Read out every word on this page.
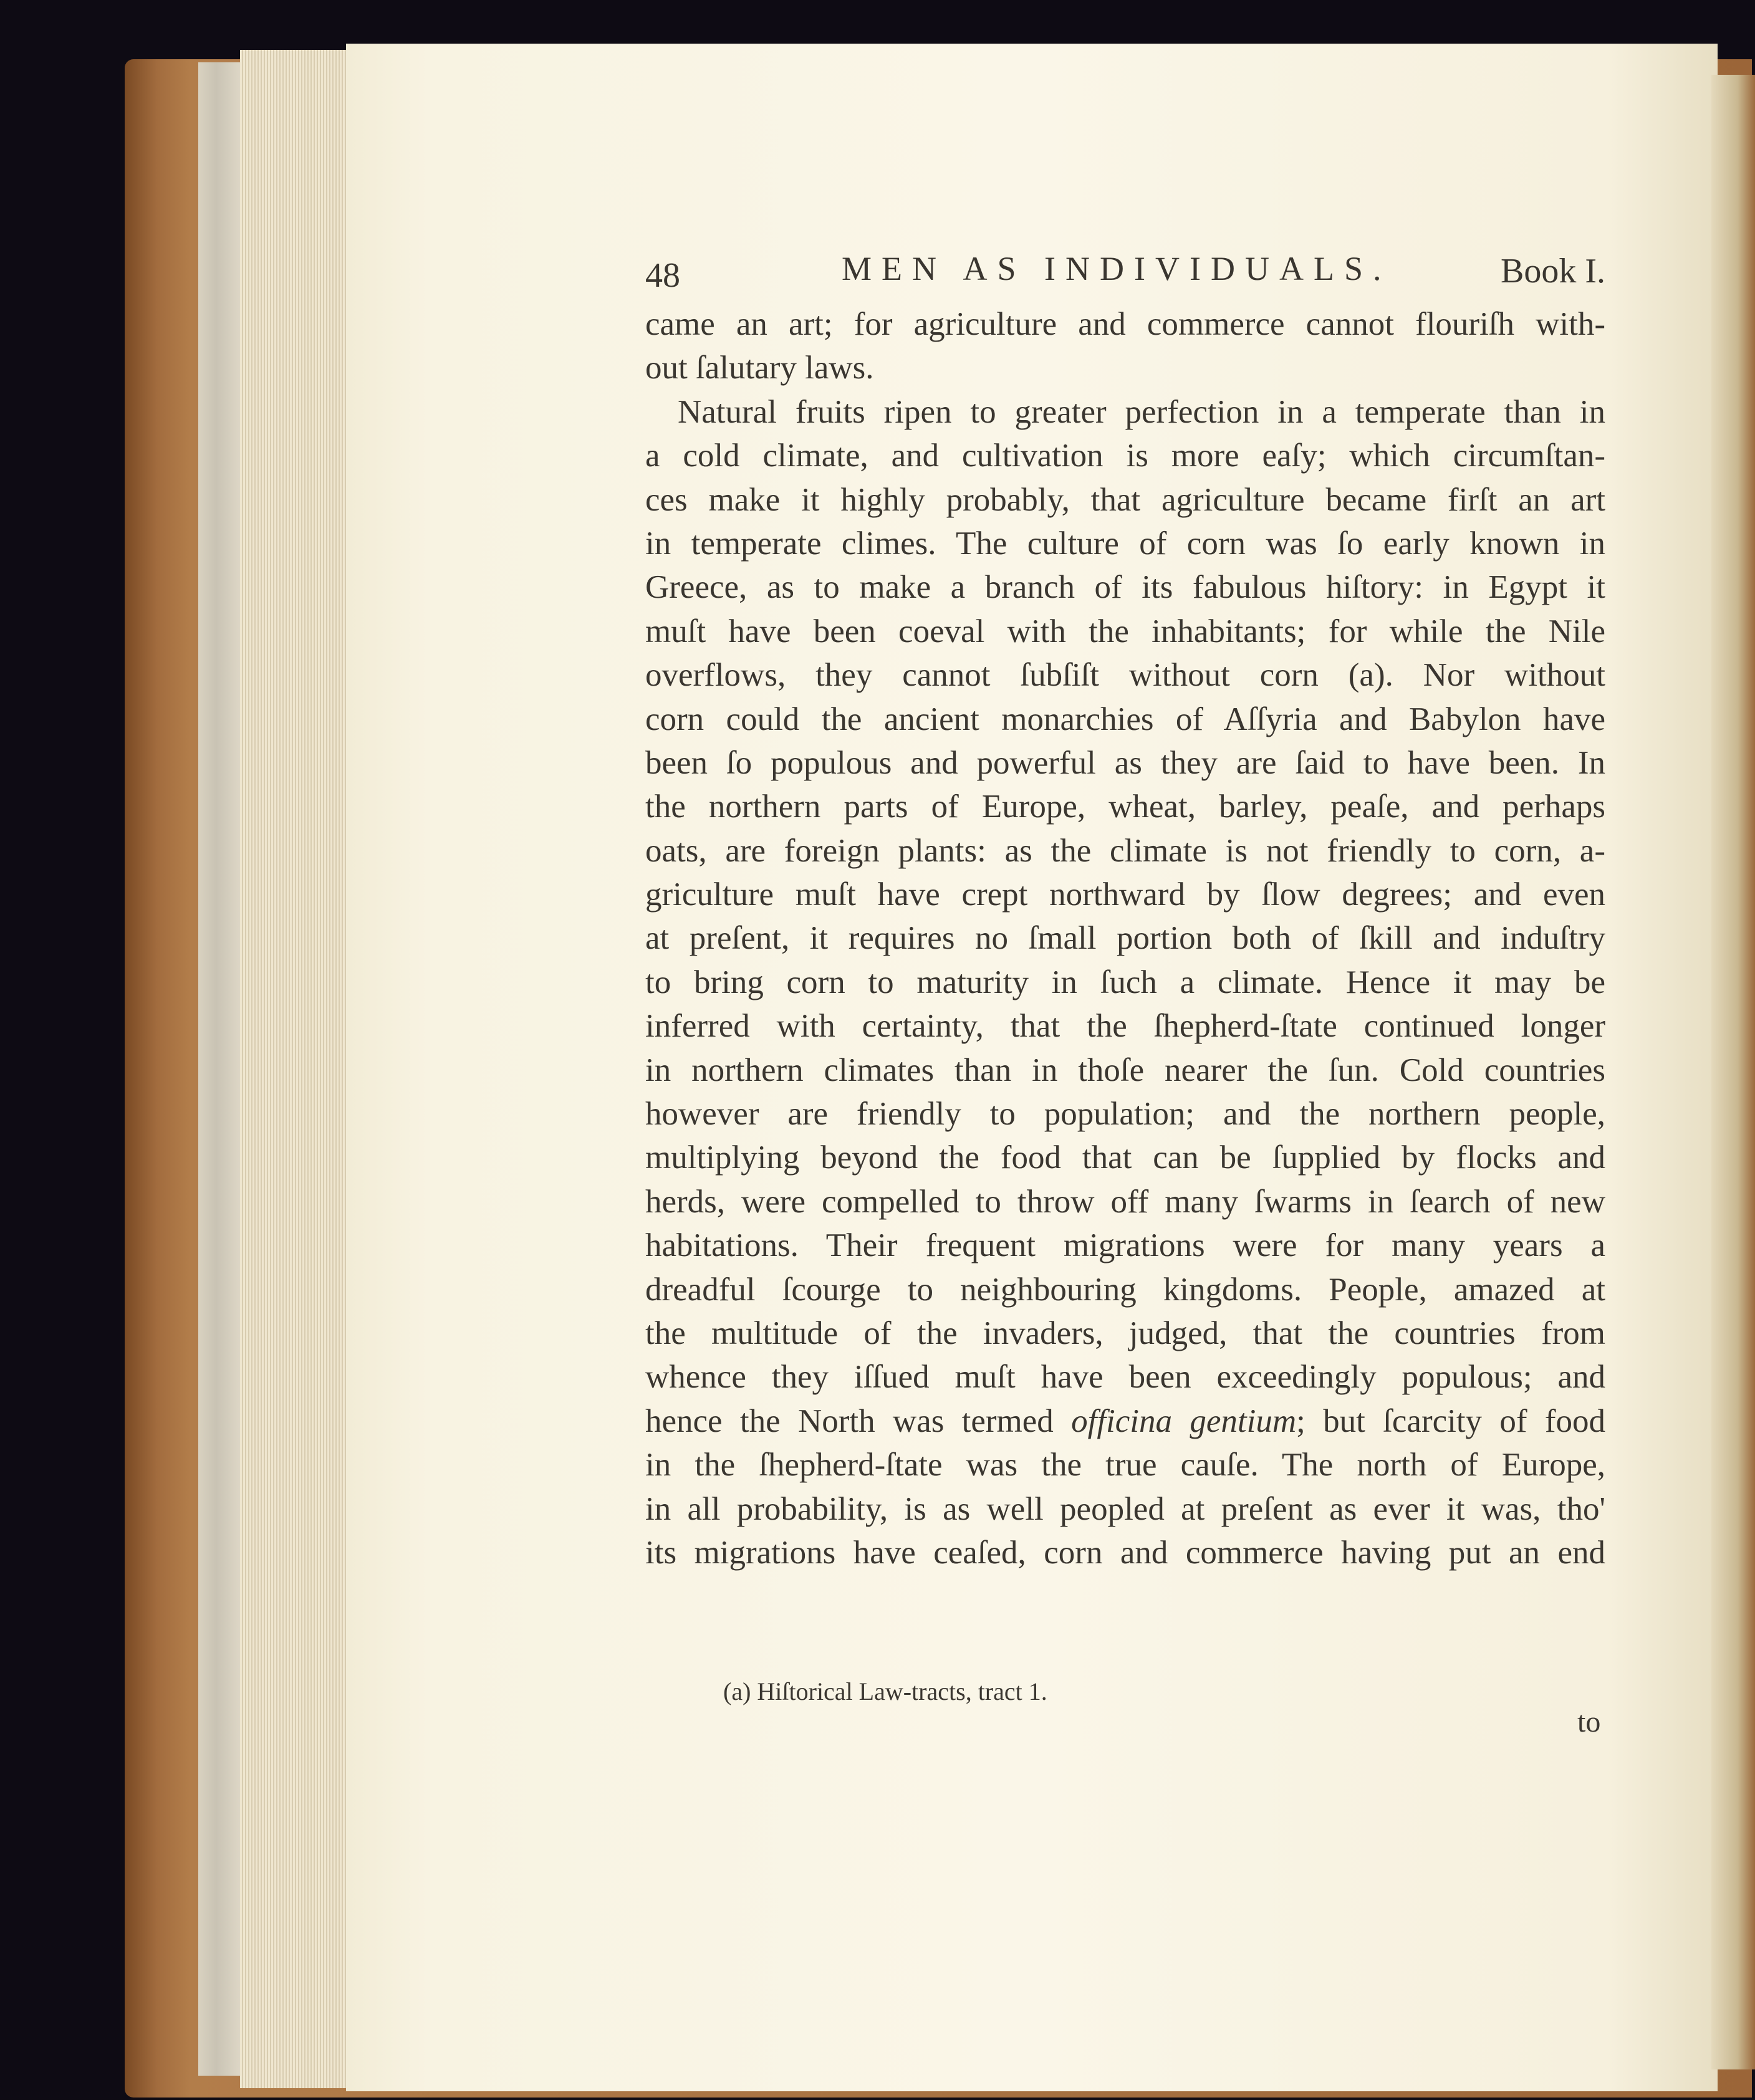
48	MEN AS INDIVIDUALS.	Book I.
came an art; for agriculture and commerce cannot flouriſh with-
out ſalutary laws.
Natural fruits ripen to greater perfection in a temperate than in
a cold climate, and cultivation is more eaſy; which circumſtan-
ces make it highly probably, that agriculture became firſt an art
in temperate climes. The culture of corn was ſo early known in
Greece, as to make a branch of its fabulous hiſtory: in Egypt it
muſt have been coeval with the inhabitants; for while the Nile
overflows, they cannot ſubſiſt without corn (a). Nor without
corn could the ancient monarchies of Aſſyria and Babylon have
been ſo populous and powerful as they are ſaid to have been. In
the northern parts of Europe, wheat, barley, peaſe, and perhaps
oats, are foreign plants: as the climate is not friendly to corn, a-
griculture muſt have crept northward by ſlow degrees; and even
at preſent, it requires no ſmall portion both of ſkill and induſtry
to bring corn to maturity in ſuch a climate. Hence it may be
inferred with certainty, that the ſhepherd-ſtate continued longer
in northern climates than in thoſe nearer the ſun. Cold countries
however are friendly to population; and the northern people,
multiplying beyond the food that can be ſupplied by flocks and
herds, were compelled to throw off many ſwarms in ſearch of new
habitations. Their frequent migrations were for many years a
dreadful ſcourge to neighbouring kingdoms. People, amazed at
the multitude of the invaders, judged, that the countries from
whence they iſſued muſt have been exceedingly populous; and
hence the North was termed officina gentium; but ſcarcity of food
in the ſhepherd-ſtate was the true cauſe. The north of Europe,
in all probability, is as well peopled at preſent as ever it was, tho'
its migrations have ceaſed, corn and commerce having put an end
to
(a) Hiſtorical Law-tracts, tract 1.
